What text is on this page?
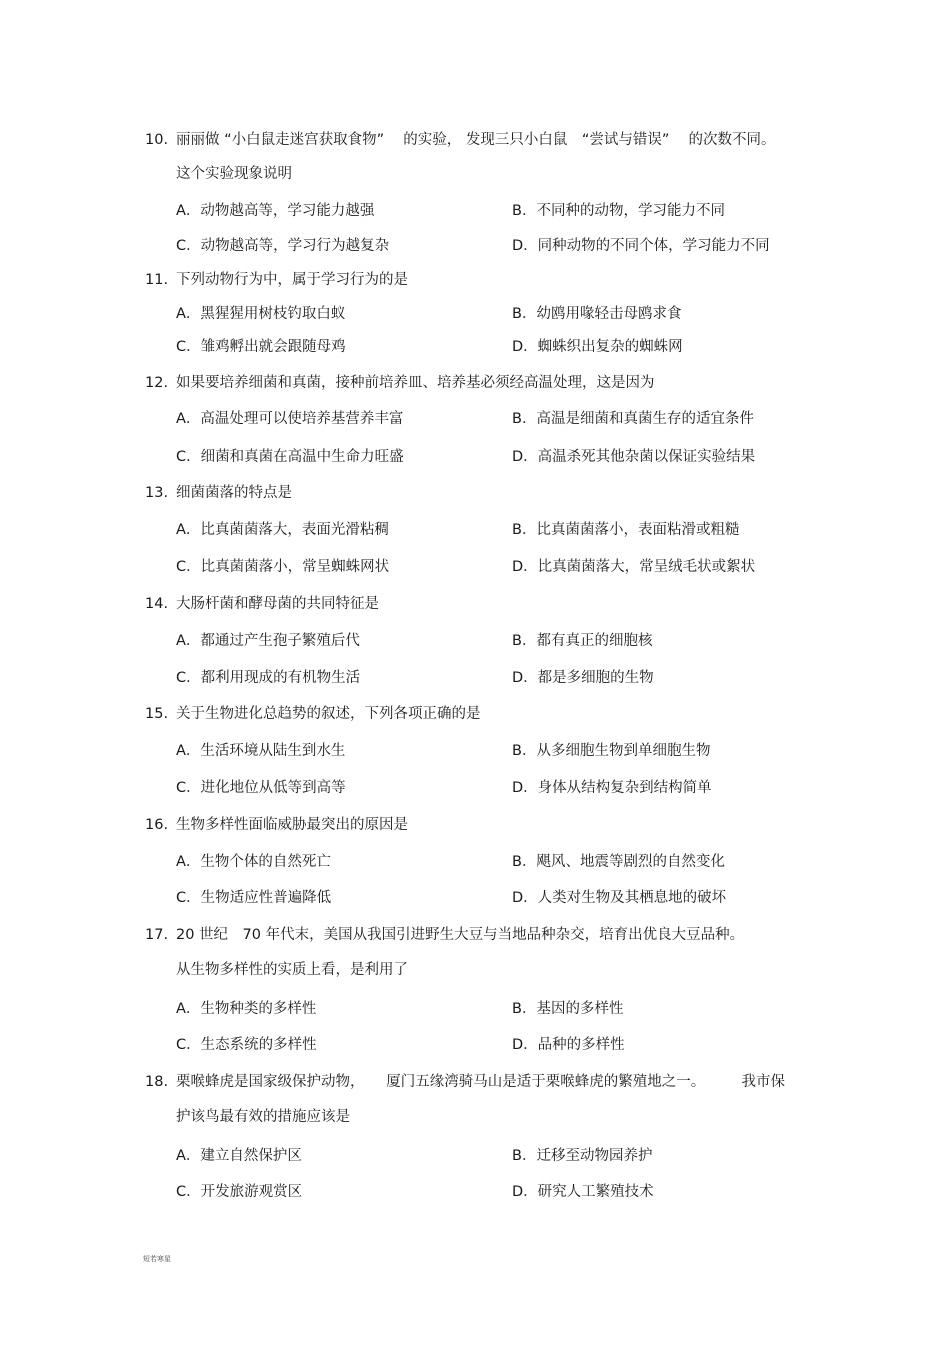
10. 丽丽做 “小白鼠走迷宫获取食物”　 的实验， 发现三只小白鼠　“尝试与错误”　 的次数不同。
这个实验现象说明
A．动物越高等，学习能力越强	B．不同种的动物，学习能力不同
C．动物越高等，学习行为越复杂	D．同种动物的不同个体，学习能力不同
11. 下列动物行为中，属于学习行为的是
A．黑猩猩用树枝钓取白蚁	B．幼鸥用喙轻击母鸥求食
C．雏鸡孵出就会跟随母鸡	D．蜘蛛织出复杂的蜘蛛网
12. 如果要培养细菌和真菌，接种前培养皿、培养基必须经高温处理，这是因为
A．高温处理可以使培养基营养丰富	B．高温是细菌和真菌生存的适宜条件
C．细菌和真菌在高温中生命力旺盛	D．高温杀死其他杂菌以保证实验结果
13. 细菌菌落的特点是
A．比真菌菌落大，表面光滑粘稠	B．比真菌菌落小，表面粘滑或粗糙
C．比真菌菌落小，常呈蜘蛛网状	D．比真菌菌落大，常呈绒毛状或絮状
14. 大肠杆菌和酵母菌的共同特征是
A．都通过产生孢子繁殖后代	B．都有真正的细胞核
C．都利用现成的有机物生活	D．都是多细胞的生物
15. 关于生物进化总趋势的叙述，下列各项正确的是
A．生活环境从陆生到水生	B．从多细胞生物到单细胞生物
C．进化地位从低等到高等	D．身体从结构复杂到结构简单
16. 生物多样性面临威胁最突出的原因是
A．生物个体的自然死亡	B．飓风、地震等剧烈的自然变化
C．生物适应性普遍降低	D．人类对生物及其栖息地的破坏
17. 20 世纪　70 年代末，美国从我国引进野生大豆与当地品种杂交，培育出优良大豆品种。
从生物多样性的实质上看，是利用了
A．生物种类的多样性	B．基因的多样性
C．生态系统的多样性	D．品种的多样性
18. 栗喉蜂虎是国家级保护动物，　　厦门五缘湾骑马山是适于栗喉蜂虎的繁殖地之一。　　　我市保
护该鸟最有效的措施应该是
A．建立自然保护区	B．迁移至动物园养护
C．开发旅游观赏区	D．研究人工繁殖技术
短若寒星
